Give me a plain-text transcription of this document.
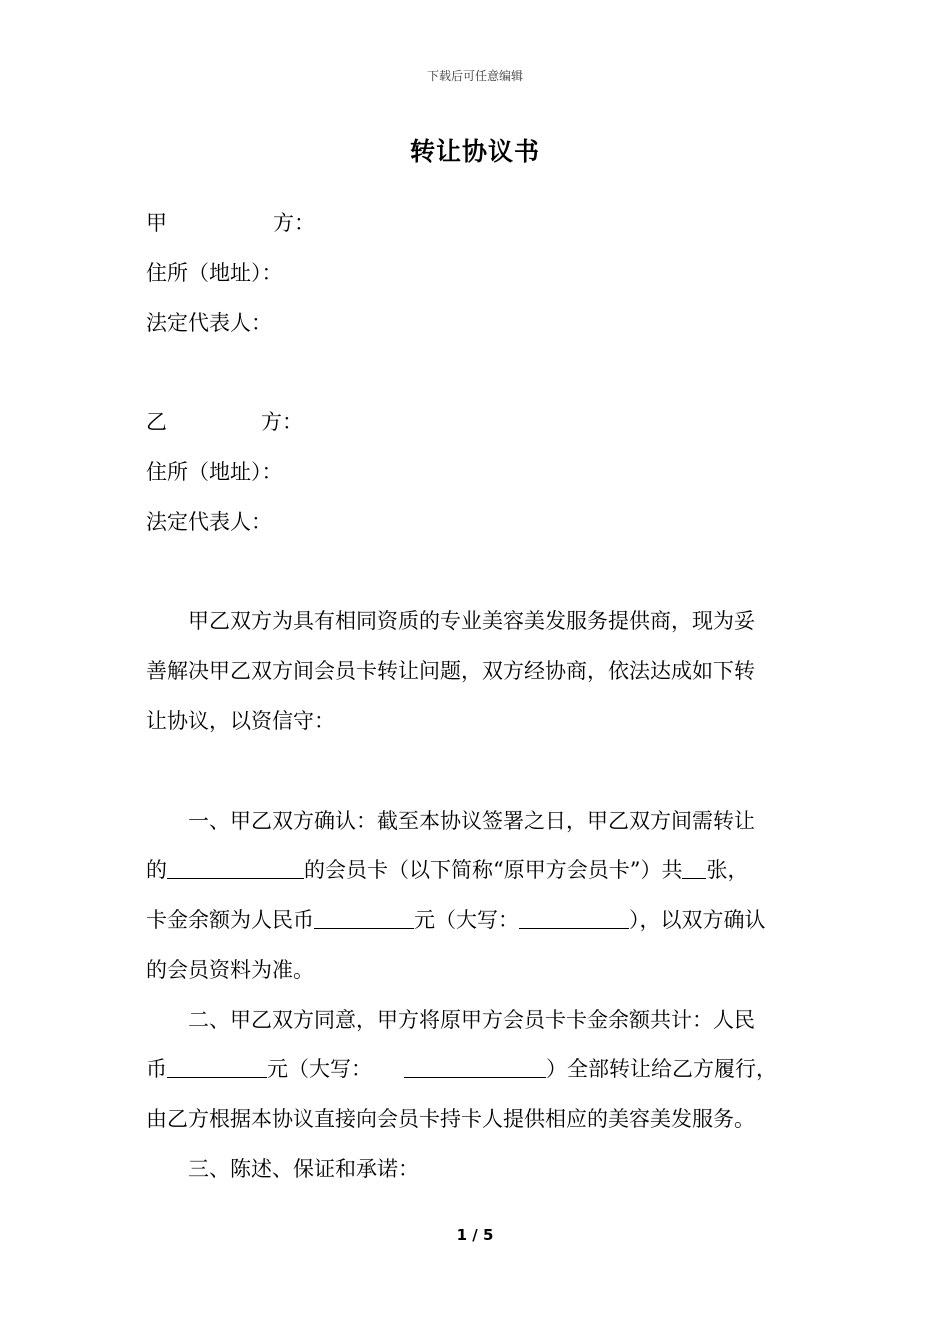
下载后可任意编辑
转让协议书
甲	方：
住所（地址）：
法定代表人：
乙	方：
住所（地址）：
法定代表人：
甲乙双方为具有相同资质的专业美容美发服务提供商，现为妥
善解决甲乙双方间会员卡转让问题，双方经协商，依法达成如下转
让协议，以资信守：
一、甲乙双方确认：截至本协议签署之日，甲乙双方间需转让
的	的会员卡（以下简称“原甲方会员卡”）共 张，
卡金余额为人民币	元（大写：	），以双方确认
的会员资料为准。
二、甲乙双方同意，甲方将原甲方会员卡卡金余额共计：人民
币	元（大写：	）全部转让给乙方履行，
由乙方根据本协议直接向会员卡持卡人提供相应的美容美发服务。
三、陈述、保证和承诺：
1 / 5
